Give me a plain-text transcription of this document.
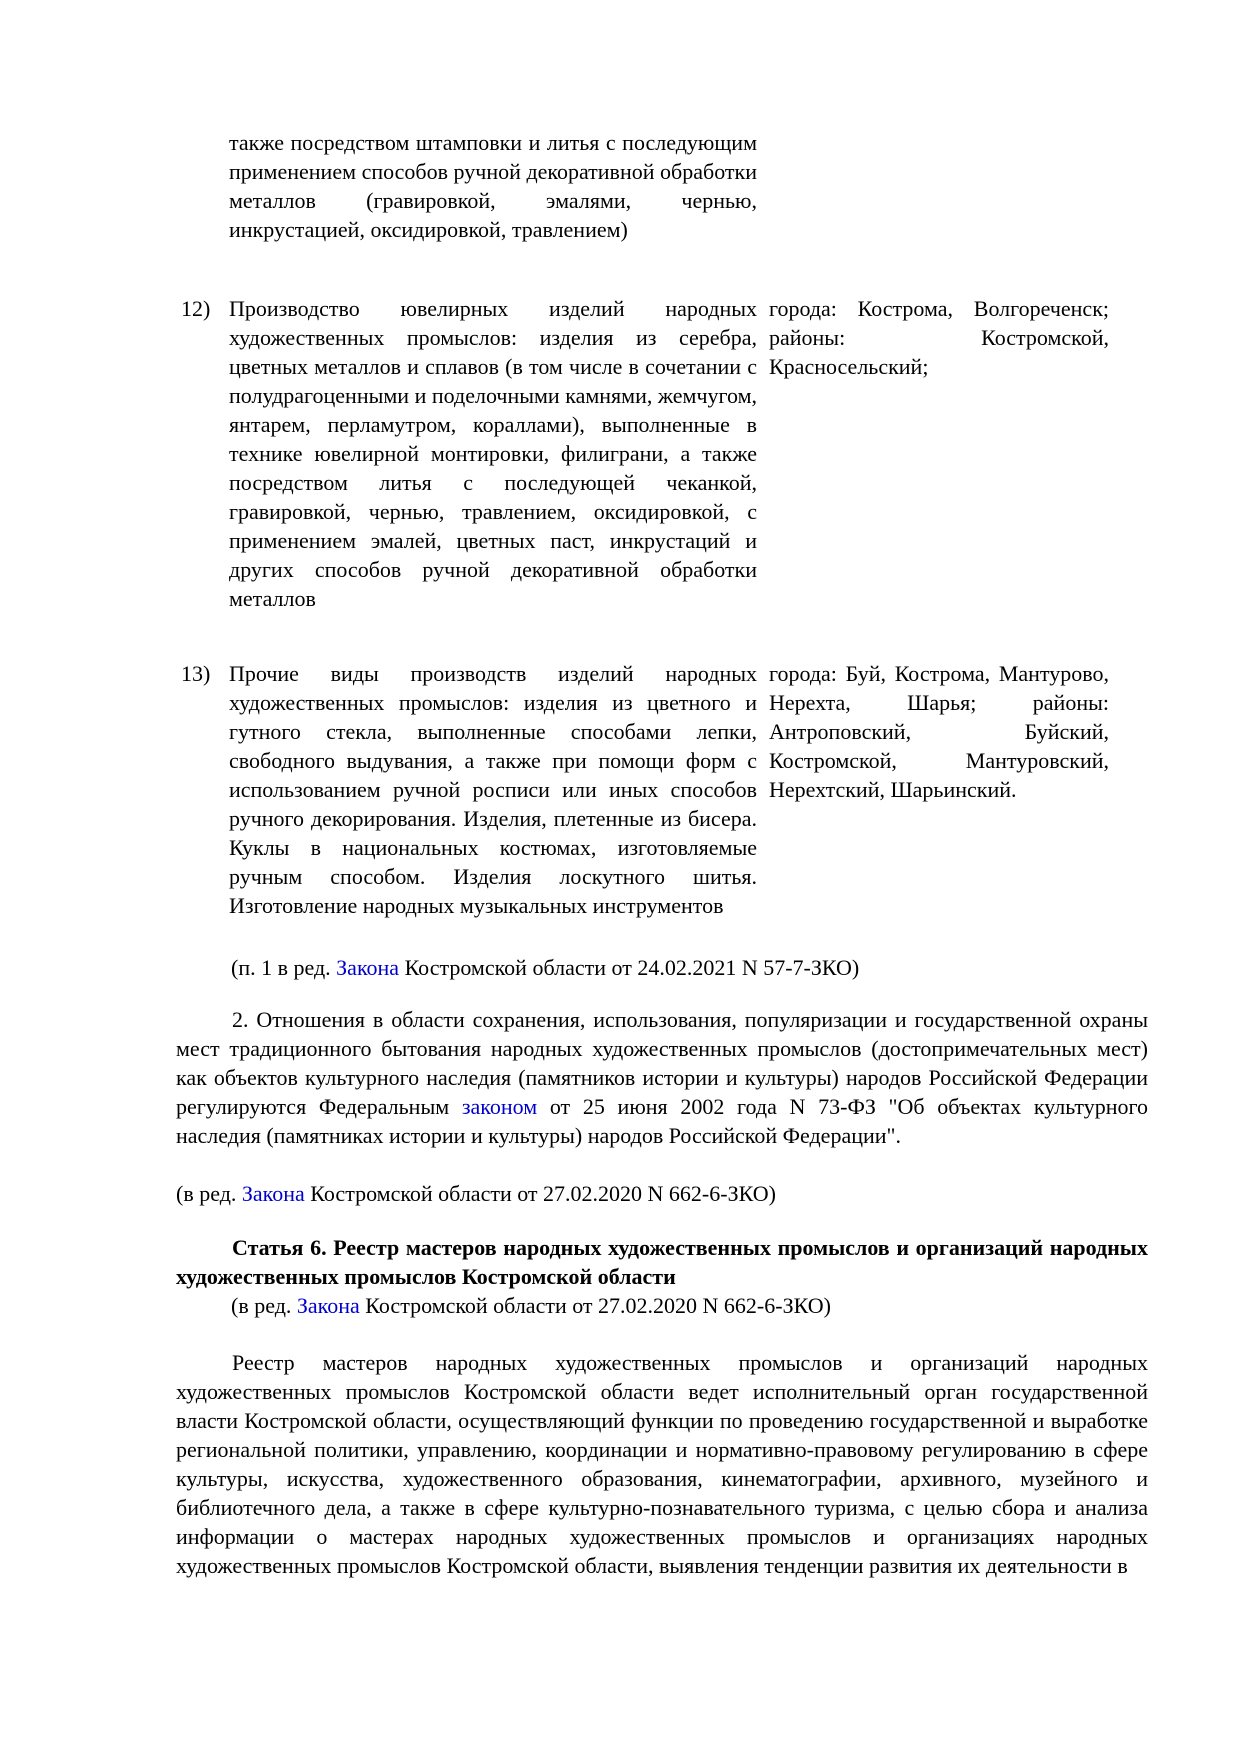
также посредством штамповки и литья с последующим применением способов ручной декоративной обработки металлов (гравировкой, эмалями, чернью, инкрустацией, оксидировкой, травлением)
12) Производство ювелирных изделий народных художественных промыслов: изделия из серебра, цветных металлов и сплавов (в том числе в сочетании с полудрагоценными и поделочными камнями, жемчугом, янтарем, перламутром, кораллами), выполненные в технике ювелирной монтировки, филиграни, а также посредством литья с последующей чеканкой, гравировкой, чернью, травлением, оксидировкой, с применением эмалей, цветных паст, инкрустаций и других способов ручной декоративной обработки металлов
города: Кострома, Волгореченск; районы: Костромской, Красносельский;
13) Прочие виды производств изделий народных художественных промыслов: изделия из цветного и гутного стекла, выполненные способами лепки, свободного выдувания, а также при помощи форм с использованием ручной росписи или иных способов ручного декорирования. Изделия, плетенные из бисера. Куклы в национальных костюмах, изготовляемые ручным способом. Изделия лоскутного шитья. Изготовление народных музыкальных инструментов
города: Буй, Кострома, Мантурово, Нерехта, Шарья; районы: Антроповский, Буйский, Костромской, Мантуровский, Нерехтский, Шарьинский.
(п. 1 в ред. Закона Костромской области от 24.02.2021 N 57-7-ЗКО)
2. Отношения в области сохранения, использования, популяризации и государственной охраны мест традиционного бытования народных художественных промыслов (достопримечательных мест) как объектов культурного наследия (памятников истории и культуры) народов Российской Федерации регулируются Федеральным законом от 25 июня 2002 года N 73-ФЗ "Об объектах культурного наследия (памятниках истории и культуры) народов Российской Федерации".
(в ред. Закона Костромской области от 27.02.2020 N 662-6-ЗКО)
Статья 6. Реестр мастеров народных художественных промыслов и организаций народных художественных промыслов Костромской области
(в ред. Закона Костромской области от 27.02.2020 N 662-6-ЗКО)
Реестр мастеров народных художественных промыслов и организаций народных художественных промыслов Костромской области ведет исполнительный орган государственной власти Костромской области, осуществляющий функции по проведению государственной и выработке региональной политики, управлению, координации и нормативно-правовому регулированию в сфере культуры, искусства, художественного образования, кинематографии, архивного, музейного и библиотечного дела, а также в сфере культурно-познавательного туризма, с целью сбора и анализа информации о мастерах народных художественных промыслов и организациях народных художественных промыслов Костромской области, выявления тенденции развития их деятельности в
